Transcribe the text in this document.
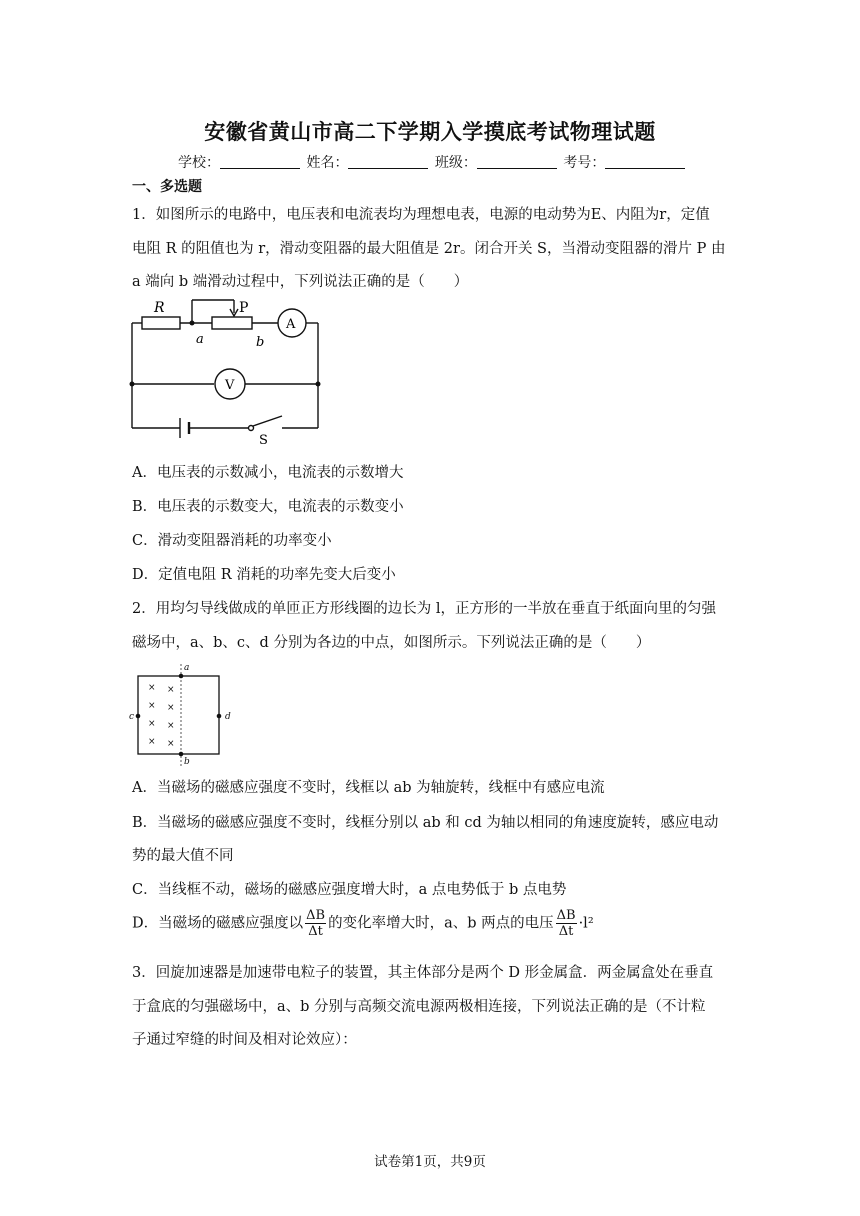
安徽省黄山市高二下学期入学摸底考试物理试题
学校：	姓名：	班级：	考号：
一、多选题
1．如图所示的电路中，电压表和电流表均为理想电表，电源的电动势为E、内阻为r，定值
电阻 R 的阻值也为 r，滑动变阻器的最大阻值是 2r。闭合开关 S，当滑动变阻器的滑片 P 由
a 端向 b 端滑动过程中，下列说法正确的是（　　）
R	P
A
a	b
V
S
A．电压表的示数减小，电流表的示数增大
B．电压表的示数变大，电流表的示数变小
C．滑动变阻器消耗的功率变小
D．定值电阻 R 消耗的功率先变大后变小
2．用均匀导线做成的单匝正方形线圈的边长为 l，正方形的一半放在垂直于纸面向里的匀强
磁场中，a、b、c、d 分别为各边的中点，如图所示。下列说法正确的是（　　）
× ×
× ×
× ×
× ×
a
b
c	d
A．当磁场的磁感应强度不变时，线框以 ab 为轴旋转，线框中有感应电流
B．当磁场的磁感应强度不变时，线框分别以 ab 和 cd 为轴以相同的角速度旋转，感应电动
势的最大值不同
C．当线框不动，磁场的磁感应强度增大时，a 点电势低于 b 点电势
D．当磁场的磁感应强度以 $\frac{\Delta B}{\Delta t}$ 的变化率增大时，a、b 两点的电压 $\frac{\Delta B}{\Delta t} \cdot l^2$
3．回旋加速器是加速带电粒子的装置，其主体部分是两个 D 形金属盒．两金属盒处在垂直
于盒底的匀强磁场中，a、b 分别与高频交流电源两极相连接，下列说法正确的是（不计粒
子通过窄缝的时间及相对论效应）：
试卷第1页，共9页
